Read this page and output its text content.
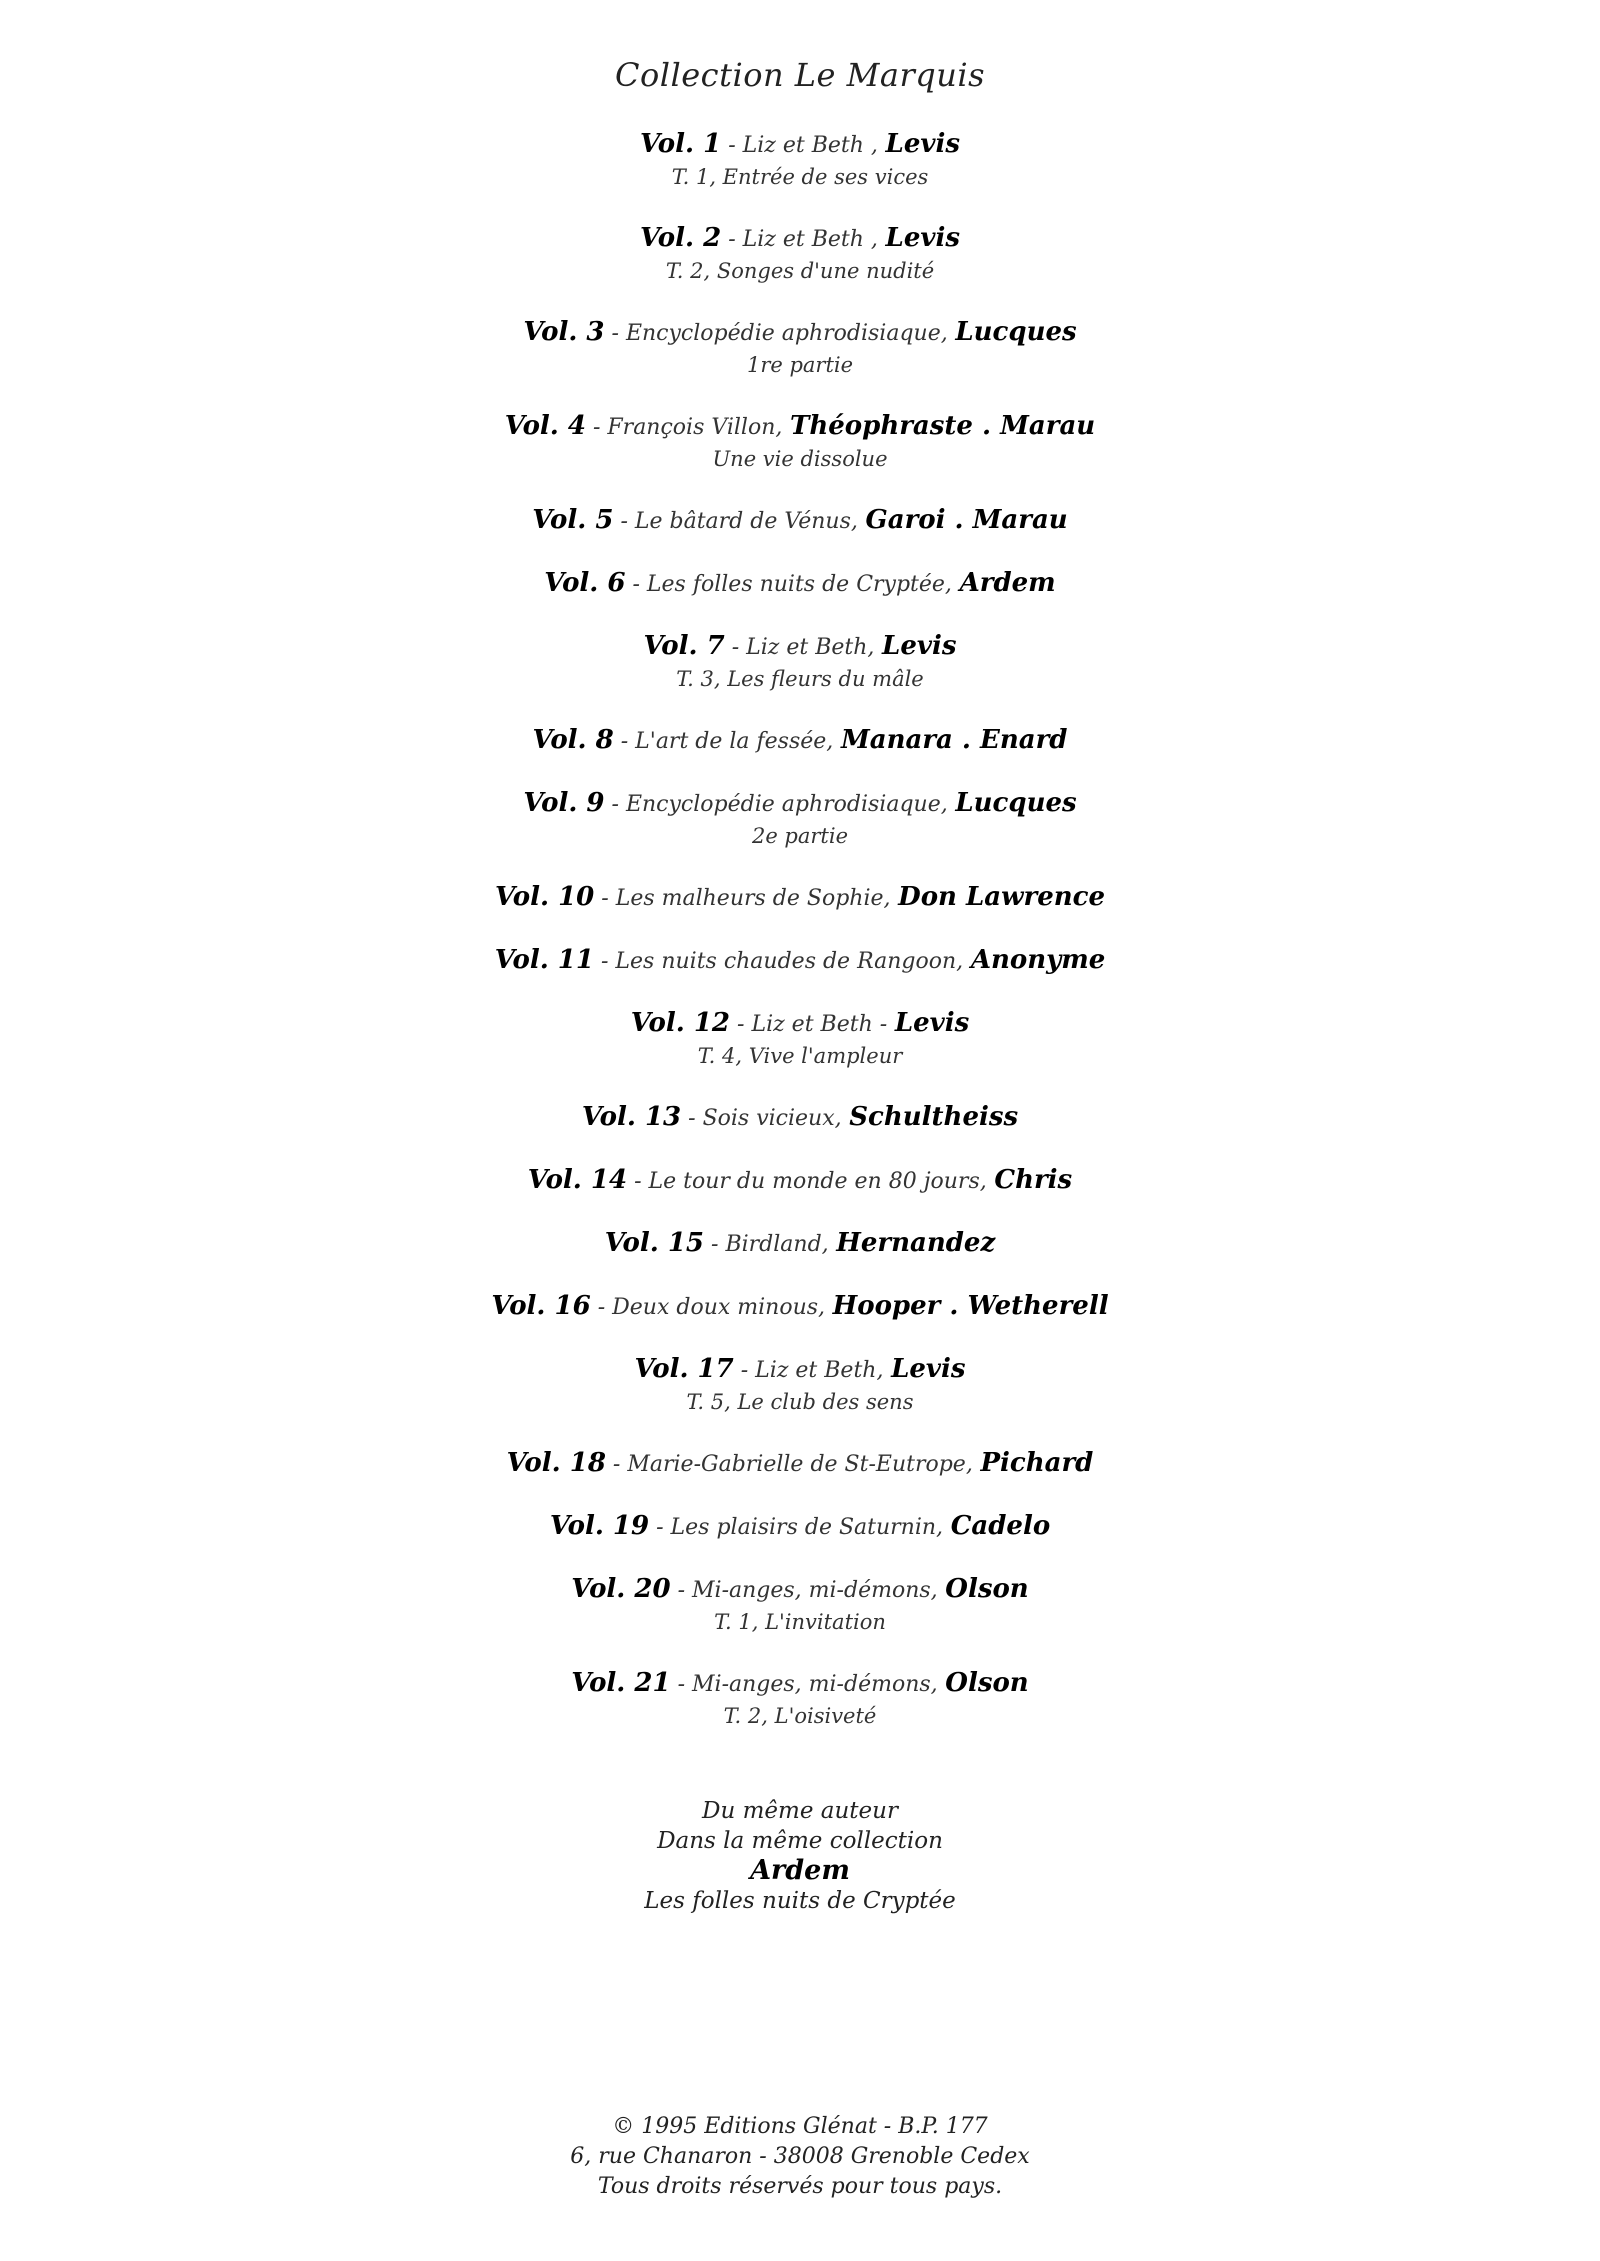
Collection Le Marquis
Vol. 1 - Liz et Beth , Levis
T. 1, Entrée de ses vices
Vol. 2 - Liz et Beth , Levis
T. 2, Songes d'une nudité
Vol. 3 - Encyclopédie aphrodisiaque, Lucques
1re partie
Vol. 4 - François Villon, Théophraste . Marau
Une vie dissolue
Vol. 5 - Le bâtard de Vénus, Garoi . Marau
Vol. 6 - Les folles nuits de Cryptée, Ardem
Vol. 7 - Liz et Beth, Levis
T. 3, Les fleurs du mâle
Vol. 8 - L'art de la fessée, Manara . Enard
Vol. 9 - Encyclopédie aphrodisiaque, Lucques
2e partie
Vol. 10 - Les malheurs de Sophie, Don Lawrence
Vol. 11 - Les nuits chaudes de Rangoon, Anonyme
Vol. 12 - Liz et Beth - Levis
T. 4, Vive l'ampleur
Vol. 13 - Sois vicieux, Schultheiss
Vol. 14 - Le tour du monde en 80 jours, Chris
Vol. 15 - Birdland, Hernandez
Vol. 16 - Deux doux minous, Hooper . Wetherell
Vol. 17 - Liz et Beth, Levis
T. 5, Le club des sens
Vol. 18 - Marie-Gabrielle de St-Eutrope, Pichard
Vol. 19 - Les plaisirs de Saturnin, Cadelo
Vol. 20 - Mi-anges, mi-démons, Olson
T. 1, L'invitation
Vol. 21 - Mi-anges, mi-démons, Olson
T. 2, L'oisiveté
Du même auteur
Dans la même collection
Ardem
Les folles nuits de Cryptée
© 1995 Editions Glénat - B.P. 177
6, rue Chanaron - 38008 Grenoble Cedex
Tous droits réservés pour tous pays.
